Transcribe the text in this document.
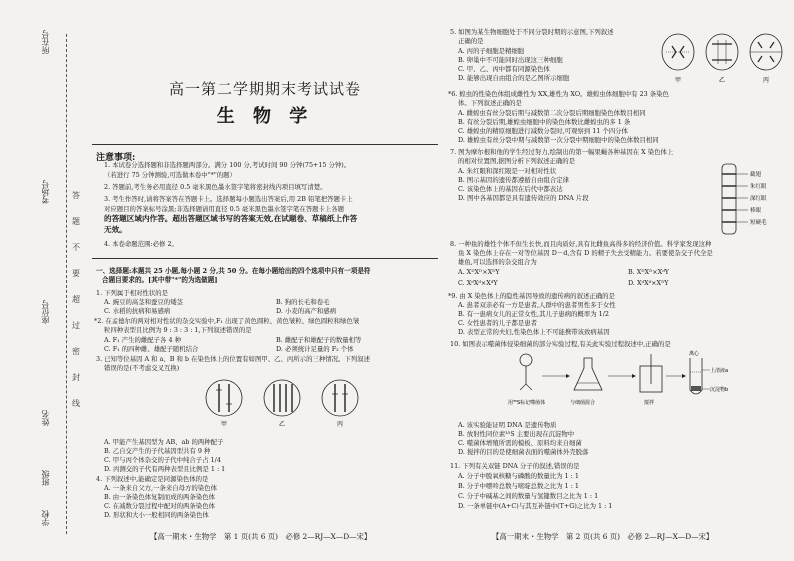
所在号
考场号
座位号
姓名
班级
学校
答
题
不
要
超
过
密
封
线
高一第二学期期末考试试卷
生 物 学
注意事项:
1. 本试卷分选择题和非选择题两部分。满分 100 分,考试时间 90 分钟(75+15 分钟)。
（若进行 75 分钟测验,可选做本卷中"*"的题）
2. 答题前,考生务必用直径 0.5 毫米黑色墨水签字笔将密封线内项目填写清楚。
3. 考生作答时,请将答案答在答题卡上。选择题每小题选出答案后,用 2B 铅笔把答题卡上
对应题目的答案标号涂黑;非选择题请用直径 0.5 毫米黑色墨水签字笔在答题卡上各题
的答题区域内作答。超出答题区域书写的答案无效,在试题卷、草稿纸上作答
无效。
4. 本卷命题范围:必修 2。
一、选择题:本题共 25 小题,每小题 2 分,共 50 分。在每小题给出的四个选项中只有一项是符
合题目要求的。[其中带"*"的为选做题]
1. 下列属于相对性状的是
A. 豌豆的高茎和蚕豆的矮茎	B. 狗的长毛和卷毛
C. 水稻的抗病和易感病	D. 小麦的高产和感病
*2. 在孟德尔的两对相对性状的杂交实验中,F₁ 出现了黄色圆粒、黄色皱粒、绿色圆粒和绿色皱
粒四种表型且比例为 9 : 3 : 3 : 1,下列叙述错误的是
A. F₁ 产生的雌配子各 4 种	B. 雌配子和雄配子的数量相等
C. F₁ 的四种雌、雄配子随机结合	D. 必须统计足量的 F₂ 个体
3. 已知等位基因 A 和 a、B 和 b 在染色体上的位置有如图甲、乙、丙所示的三种情况。下列叙述
错误的是(不考虑交叉互换)
甲	乙	丙
A. 甲能产生基因型为 AB、ab 的两种配子
B. 乙自交产生的子代基因型共有 9 种
C. 甲与丙个体杂交的子代中纯合子占 1/4
D. 丙测交的子代有两种表型且比例是 1 : 1
4. 下列叙述中,能确定是同源染色体的是
A. 一条来自父方,一条来自母方的染色体
B. 由一条染色体复制而成的两条染色体
C. 在减数分裂过程中配对的两条染色体
D. 形状和大小一般相同的两条染色体
【高一期末・生物学　第 1 页(共 6 页)　必修 2—RJ—X—D—宋】
5. 如图为某生物细胞处于不同分裂时期的示意图,下列叙述
正确的是
A. 丙的子细胞是精细胞
B. 卵巢中不可能同时出现这三种细胞
C. 甲、乙、丙中都有同源染色体
D. 能够出现自由组合的是乙图所示细胞	甲	乙	丙
*6. 蝗虫的性染色体组成雌性为 XX,雄性为 XO。雄蝗虫体细胞中有 23 条染色
体。下列叙述正确的是
A. 雌蝗虫有丝分裂后期与减数第二次分裂后期细胞染色体数目相同
B. 有丝分裂后期,雄蝗虫细胞中的染色体数比雌蝗虫的多 1 条
C. 雄蝗虫的精原细胞进行减数分裂时,可观察到 11 个四分体
D. 雄蝗虫有丝分裂中期与减数第一次分裂中期细胞中的染色体数目相同
7. 图为摩尔根和他的学生经过努力,绘制出的第一幅果蝇各种基因在 X 染色体上
的相对位置图,据图分析下列叙述正确的是
A. 朱红眼和深红眼是一对相对性状
B. 图示基因的遗传都遵循自由组合定律
C. 该染色体上的基因在后代中都表达
D. 图中各基因都是具有遗传效应的 DNA 片段
截翅
朱红眼
深红眼
棒眼
短硬毛
8. 一种鱼的雄性个体不但生长快,而且肉质好,具有比雌鱼高得多的经济价值。科学家发现这种
鱼 X 染色体上存在一对等位基因 D－d,含有 D 的精子失去受精能力。若要使杂交子代全是
雄鱼,可以选择的杂交组合为
A. XᴰXᴰ×XᴰY	B. XᴰXᴰ×XᵈY
C. XᵈXᵈ×XᵈY	D. XᵈXᵈ×XᴰY
*9. 由 X 染色体上的隐性基因导致的遗传病的叙述正确的是
A. 患者双亲必有一方是患者,人群中的患者男性多于女性
B. 有一患病女儿的正常女性,其儿子患病的概率为 1/2
C. 女性患者的儿子都是患者
D. 表型正常的夫妇,性染色体上不可能携带该致病基因
10. 如图表示噬菌体侵染细菌的部分实验过程,有关此实验过程叙述中,正确的是
用³⁵S标记噬菌体	与细菌混合	搅拌
离心
上清液a
沉淀物b
A. 该实验能证明 DNA 是遗传物质
B. 放射性同位素³⁵S 主要出现在沉淀物中
C. 噬菌体增殖所需的模板、原料均来自细菌
D. 搅拌的目的是使细菌表面的噬菌体外壳脱落
11. 下列有关双链 DNA 分子的叙述,错误的是
A. 分子中脱氧核糖与磷酸的数量比为 1 : 1
B. 分子中嘌呤总数与嘧啶总数之比为 1 : 1
C. 分子中碱基之间的数量与氢键数目之比为 1 : 1
D. 一条单链中(A+C)与其互补链中(T+G)之比为 1 : 1
【高一期末・生物学　第 2 页(共 6 页)　必修 2—RJ—X—D—宋】
